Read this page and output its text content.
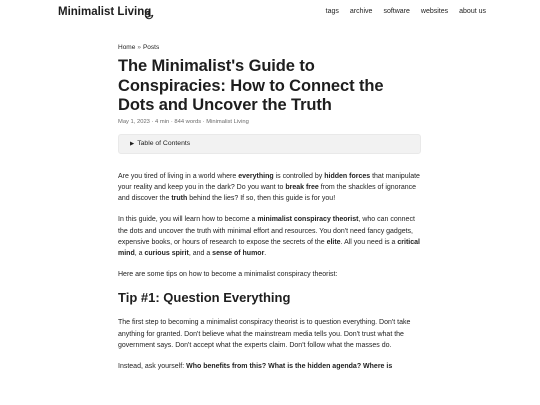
Minimalist Living	tags archive software websites about us
Home » Posts
The Minimalist's Guide to Conspiracies: How to Connect the Dots and Uncover the Truth
May 1, 2023 · 4 min · 844 words · Minimalist Living
▶ Table of Contents

Are you tired of living in a world where everything is controlled by hidden forces that manipulate your reality and keep you in the dark? Do you want to break free from the shackles of ignorance and discover the truth behind the lies? If so, then this guide is for you!

In this guide, you will learn how to become a minimalist conspiracy theorist, who can connect the dots and uncover the truth with minimal effort and resources. You don't need fancy gadgets, expensive books, or hours of research to expose the secrets of the elite. All you need is a critical mind, a curious spirit, and a sense of humor.

Here are some tips on how to become a minimalist conspiracy theorist:

Tip #1: Question Everything

The first step to becoming a minimalist conspiracy theorist is to question everything. Don't take anything for granted. Don't believe what the mainstream media tells you. Don't trust what the government says. Don't accept what the experts claim. Don't follow what the masses do.

Instead, ask yourself: Who benefits from this? What is the hidden agenda? Where is
